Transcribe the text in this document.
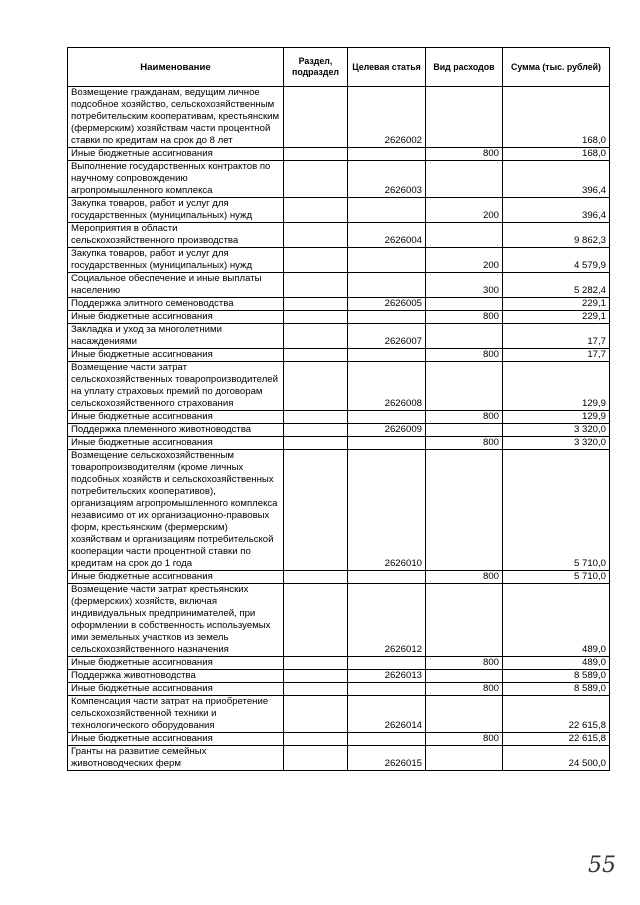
Наименование	Раздел, подраздел	Целевая статья	Вид расходов	Сумма (тыс. рублей)
Возмещение гражданам, ведущим личное подсобное хозяйство, сельскохозяйственным потребительским кооперативам, крестьянским (фермерским) хозяйствам части процентной ставки по кредитам на срок до 8 лет		2626002		168,0
Иные бюджетные ассигнования			800	168,0
Выполнение государственных контрактов по научному сопровождению агропромышленного комплекса		2626003		396,4
Закупка товаров, работ и услуг для государственных (муниципальных) нужд			200	396,4
Мероприятия в области сельскохозяйственного производства		2626004		9 862,3
Закупка товаров, работ и услуг для государственных (муниципальных) нужд			200	4 579,9
Социальное обеспечение и иные выплаты населению			300	5 282,4
Поддержка элитного семеноводства		2626005		229,1
Иные бюджетные ассигнования			800	229,1
Закладка и уход за многолетними насаждениями		2626007		17,7
Иные бюджетные ассигнования			800	17,7
Возмещение части затрат сельскохозяйственных товаропроизводителей на уплату страховых премий по договорам сельскохозяйственного страхования		2626008		129,9
Иные бюджетные ассигнования			800	129,9
Поддержка племенного животноводства		2626009		3 320,0
Иные бюджетные ассигнования			800	3 320,0
Возмещение сельскохозяйственным товаропроизводителям (кроме личных подсобных хозяйств и сельскохозяйственных потребительских кооперативов), организациям агропромышленного комплекса независимо от их организационно-правовых форм, крестьянским (фермерским) хозяйствам и организациям потребительской кооперации части процентной ставки по кредитам на срок до 1 года		2626010		5 710,0
Иные бюджетные ассигнования			800	5 710,0
Возмещение части затрат крестьянских (фермерских) хозяйств, включая индивидуальных предпринимателей, при оформлении в собственность используемых ими земельных участков из земель сельскохозяйственного назначения		2626012		489,0
Иные бюджетные ассигнования			800	489,0
Поддержка животноводства		2626013		8 589,0
Иные бюджетные ассигнования			800	8 589,0
Компенсация части затрат на приобретение сельскохозяйственной техники и технологического оборудования		2626014		22 615,8
Иные бюджетные ассигнования			800	22 615,8
Гранты на развитие семейных животноводческих ферм		2626015		24 500,0
55
